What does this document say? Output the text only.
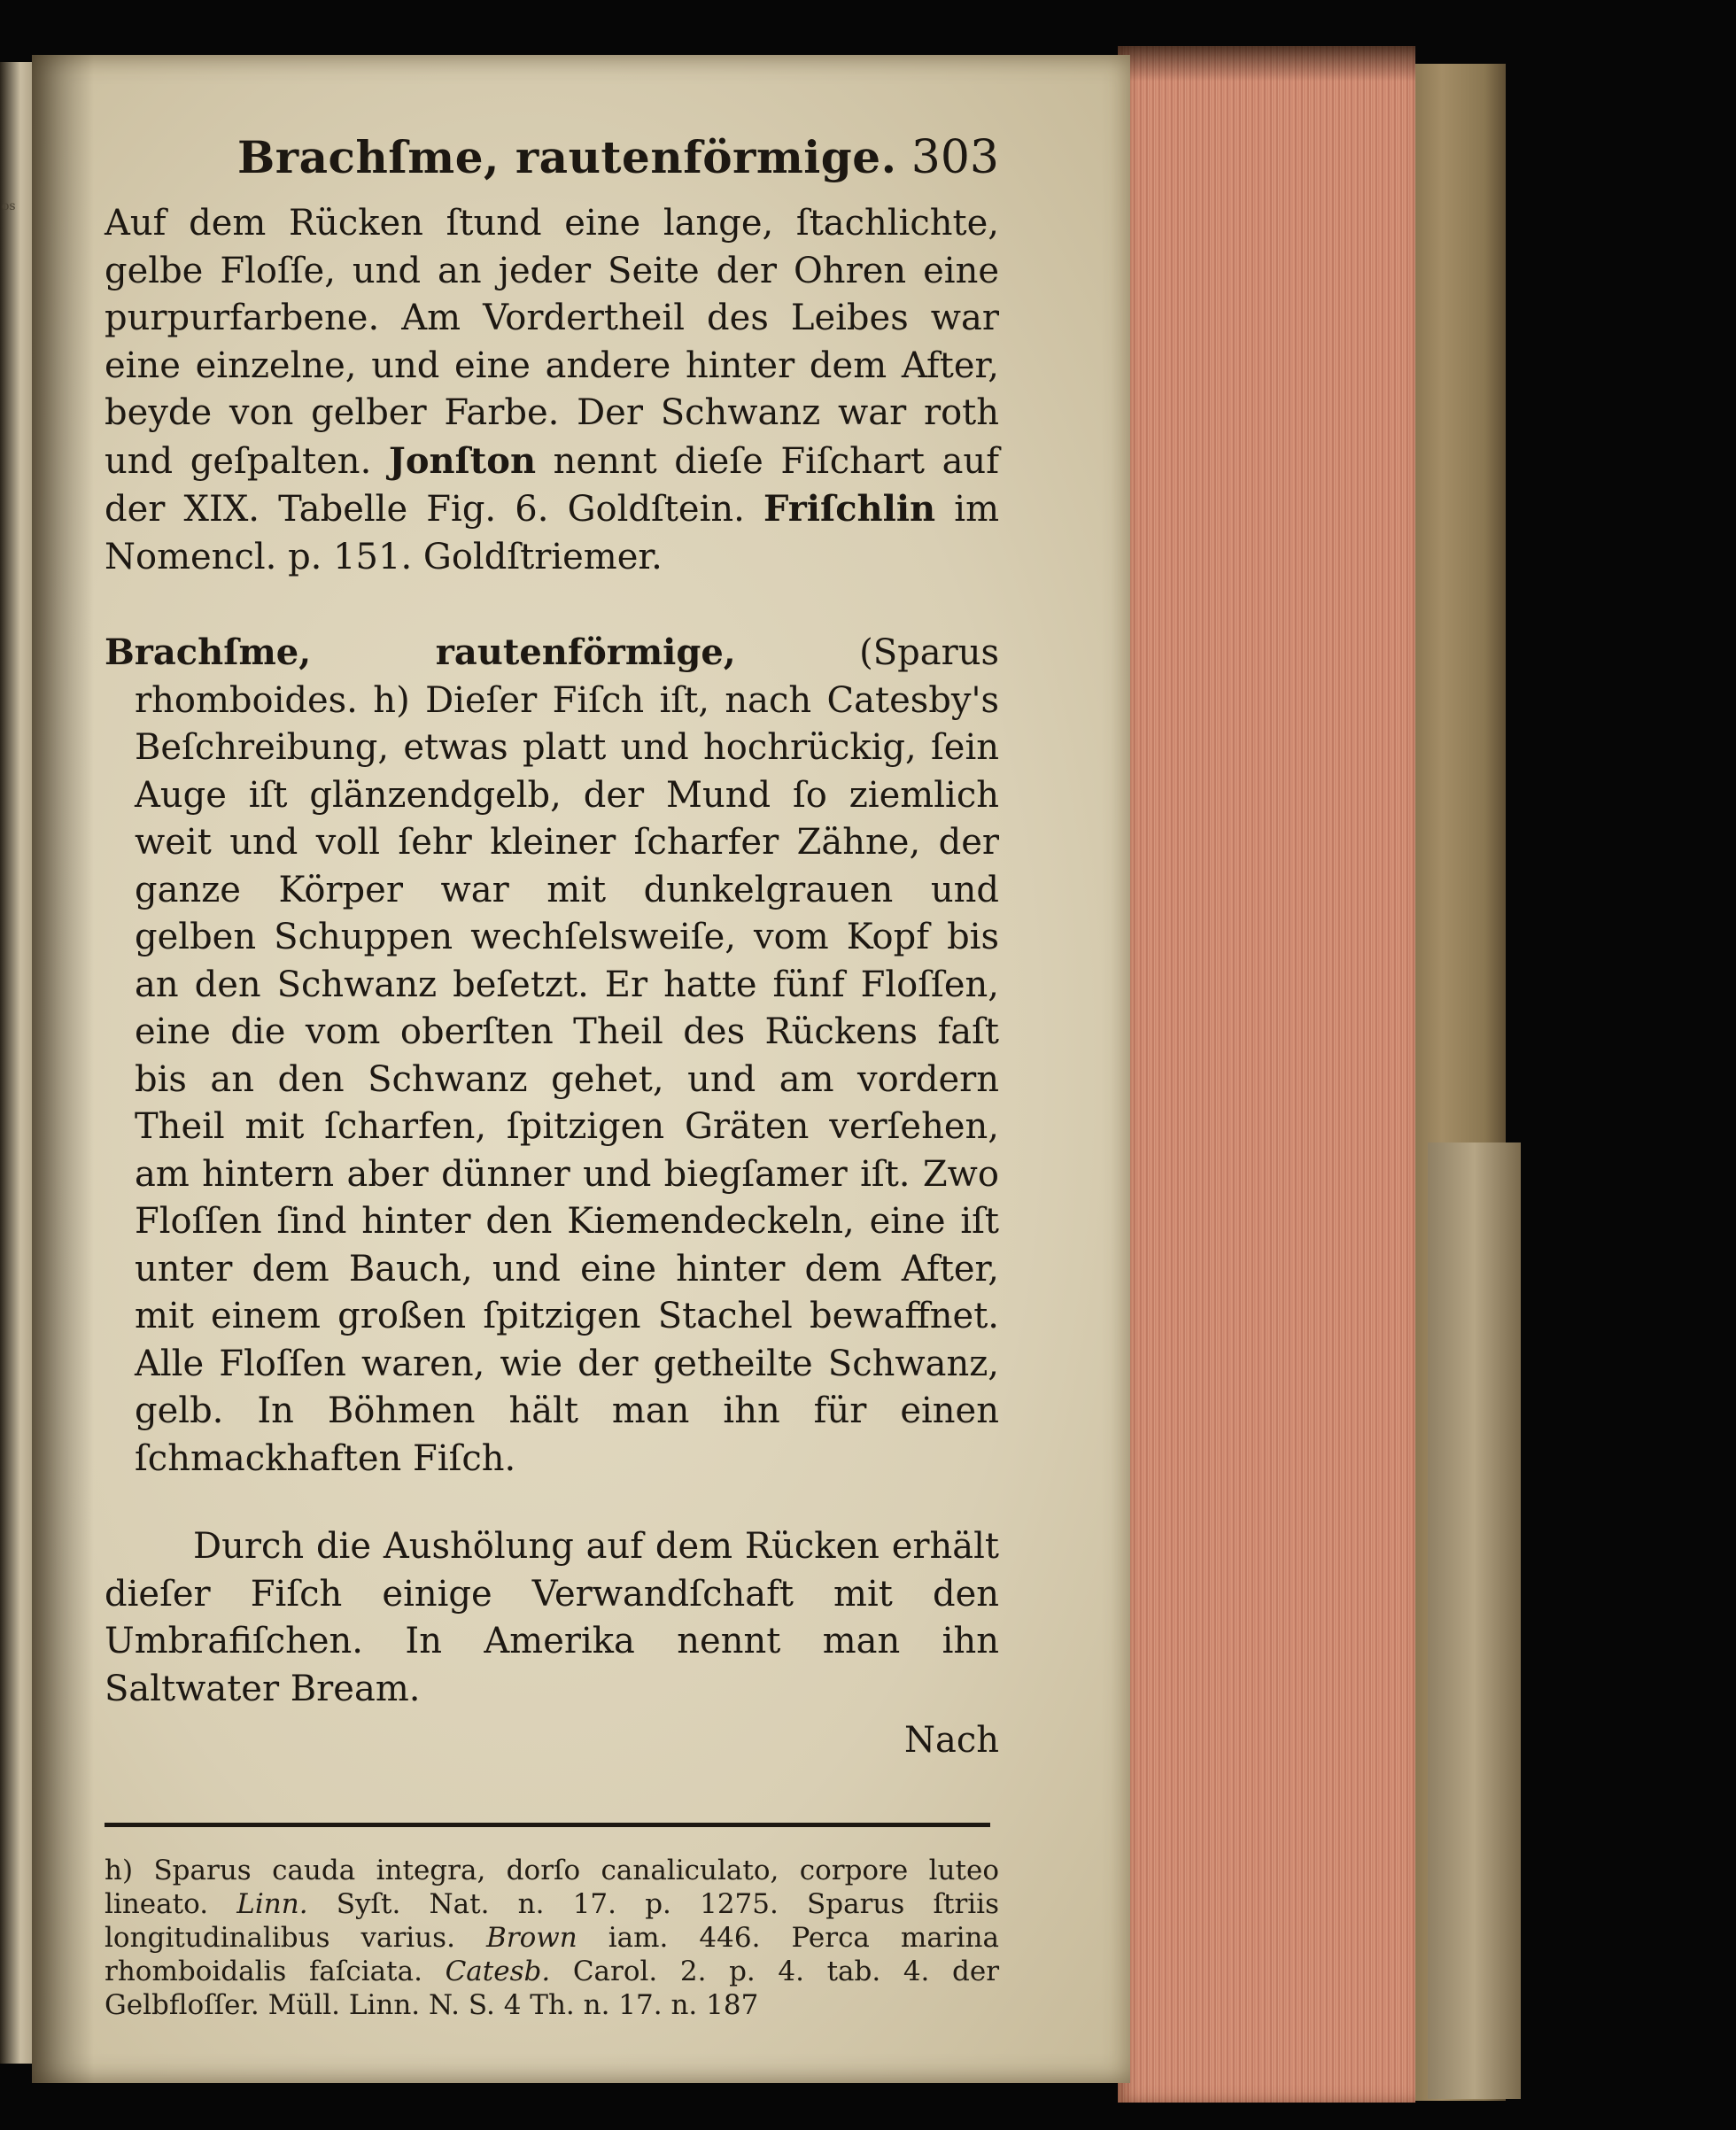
os
Brachſme, rautenförmige. 303

Auf dem Rücken ſtund eine lange, ſtachlichte, gelbe Floſſe, und an jeder Seite der Ohren eine purpurfarbene. Am Vordertheil des Leibes war eine einzelne, und eine andere hinter dem After, beyde von gelber Farbe. Der Schwanz war roth und geſpalten. Jonſton nennt dieſe Fiſchart auf der XIX. Tabelle Fig. 6. Goldſtein. Friſchlin im Nomencl. p. 151. Goldſtriemer.

Brachſme, rautenförmige,	(Sparus rhomboides. h) Dieſer Fiſch iſt, nach Catesby's Beſchreibung, etwas platt und hochrückig, ſein Auge iſt glänzendgelb, der Mund ſo ziemlich weit und voll ſehr kleiner ſcharfer Zähne, der ganze Körper war mit dunkelgrauen und gelben Schuppen wechſelsweiſe, vom Kopf bis an den Schwanz beſetzt. Er hatte fünf Floſſen, eine die vom oberſten Theil des Rückens faſt bis an den Schwanz gehet, und am vordern Theil mit ſcharfen, ſpitzigen Gräten verſehen, am hintern aber dünner und biegſamer iſt. Zwo Floſſen ſind hinter den Kiemendeckeln, eine iſt unter dem Bauch, und eine hinter dem After, mit einem großen ſpitzigen Stachel bewaffnet. Alle Floſſen waren, wie der getheilte Schwanz, gelb. In Böhmen hält man ihn für einen ſchmackhaften Fiſch.

Durch die Aushölung auf dem Rücken erhält dieſer Fiſch einige Verwandſchaft mit den Umbrafiſchen. In Amerika nennt man ihn Saltwater Bream.

Nach
h) Sparus cauda integra, dorſo canaliculato, corpore luteo lineato. Linn. Syſt. Nat. n. 17. p. 1275. Sparus ſtriis longitudinalibus varius. Brown iam. 446. Perca marina rhomboidalis faſciata. Catesb. Carol. 2. p. 4. tab. 4. der Gelbfloſſer. Müll. Linn. N. S. 4 Th. n. 17. n. 187
